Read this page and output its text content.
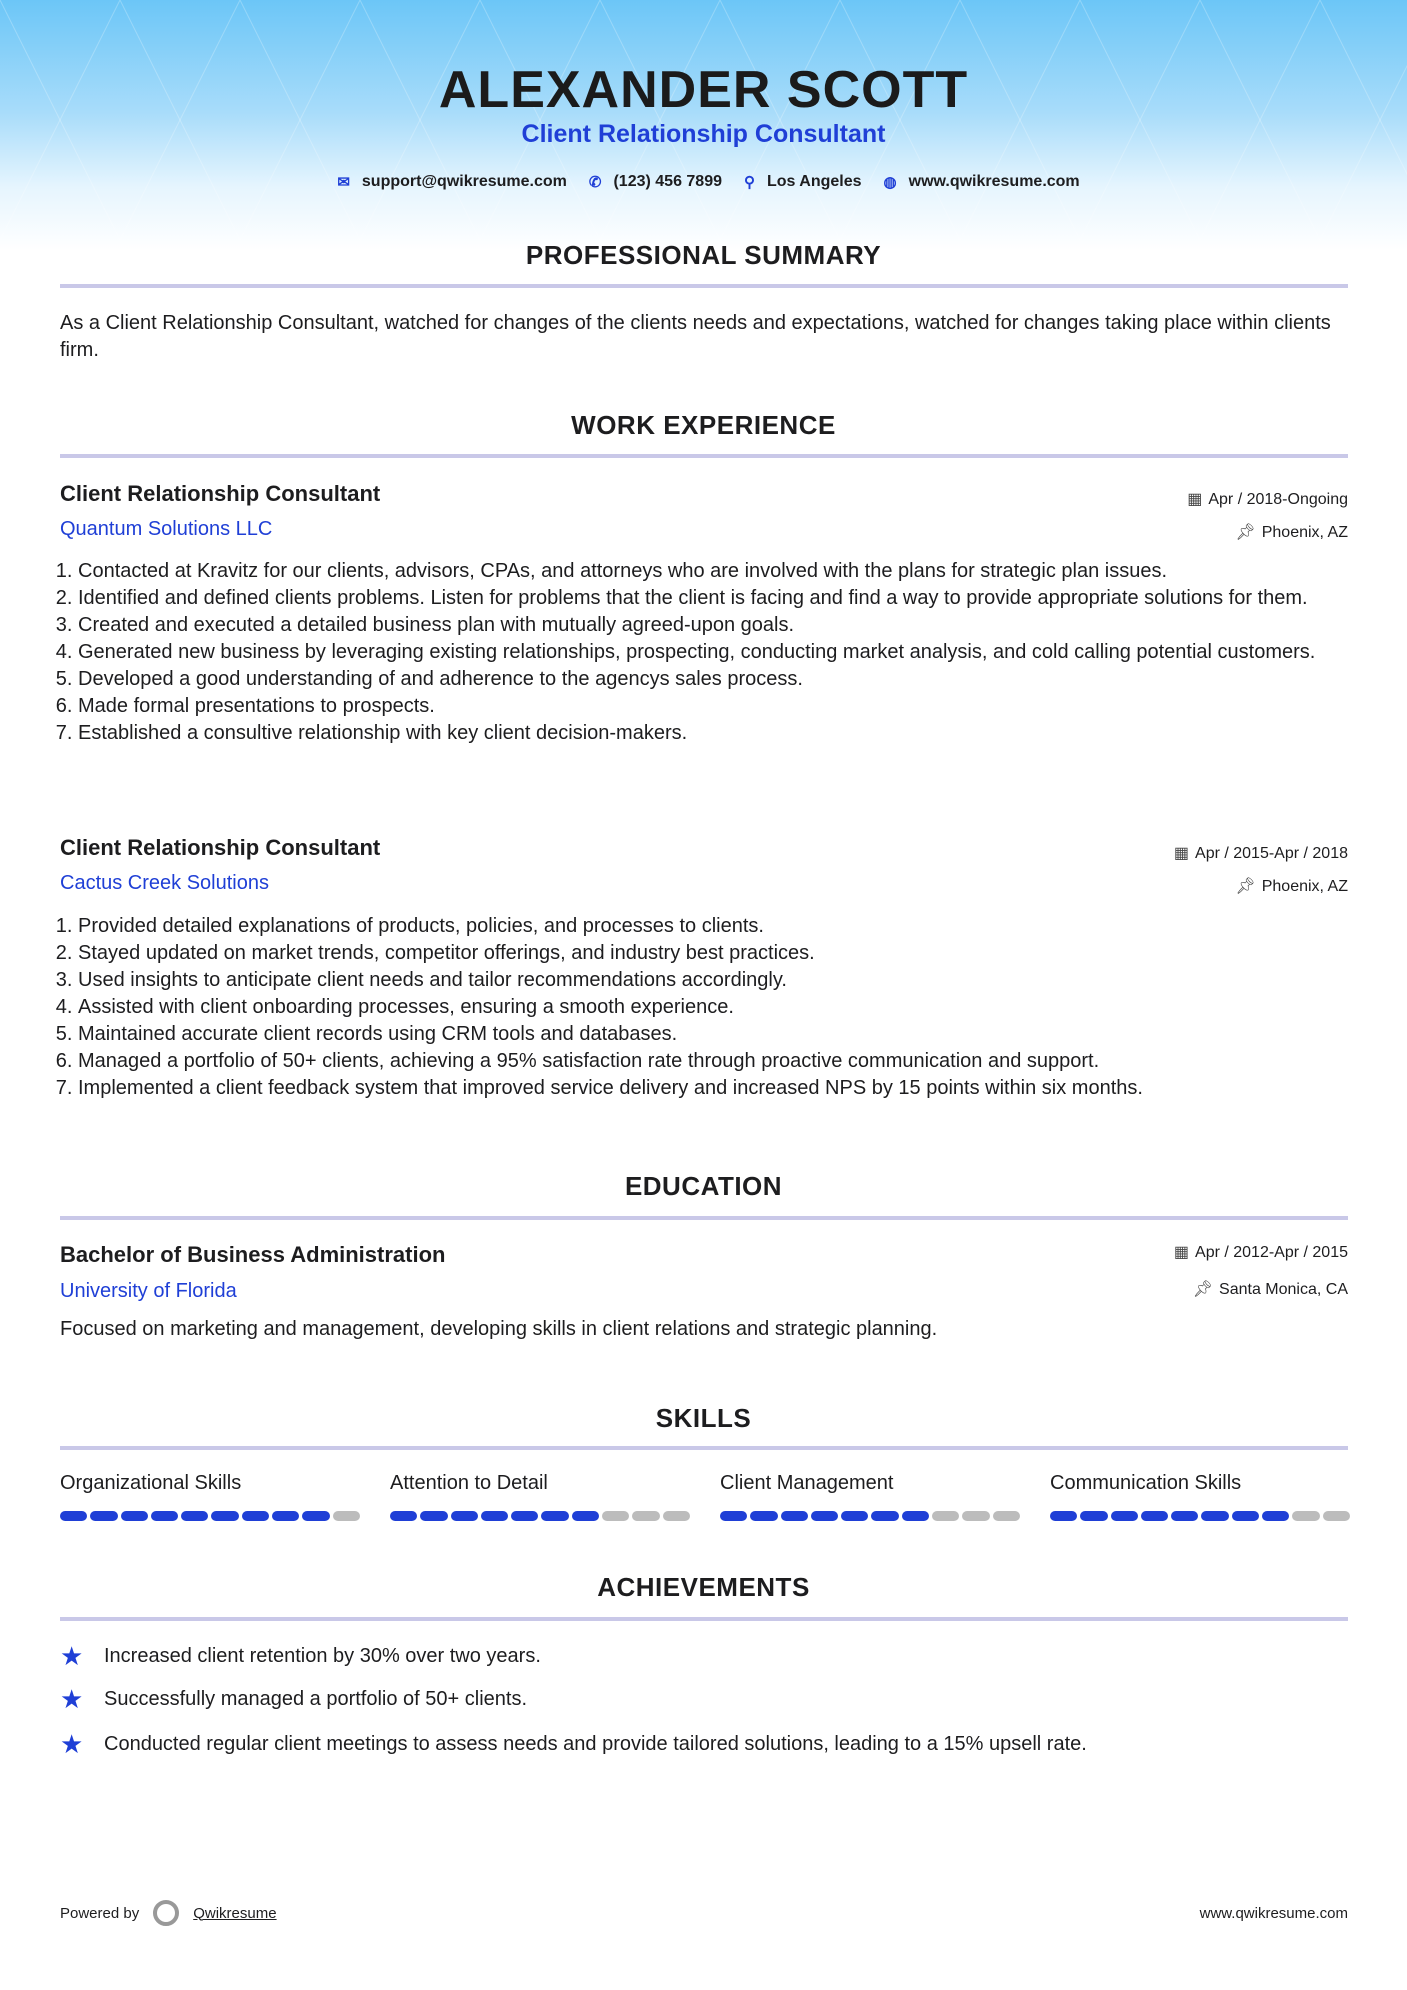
ALEXANDER SCOTT
Client Relationship Consultant
✉ support@qwikresume.com ✆ (123) 456 7899 ⚲ Los Angeles ◍ www.qwikresume.com
PROFESSIONAL SUMMARY
As a Client Relationship Consultant, watched for changes of the clients needs and expectations, watched for changes taking place within clients firm.
WORK EXPERIENCE
Client Relationship Consultant
Quantum Solutions LLC
▦ Apr / 2018-Ongoing
📌︎ Phoenix, AZ
1. Contacted at Kravitz for our clients, advisors, CPAs, and attorneys who are involved with the plans for strategic plan issues.
2. Identified and defined clients problems. Listen for problems that the client is facing and find a way to provide appropriate solutions for them.
3. Created and executed a detailed business plan with mutually agreed-upon goals.
4. Generated new business by leveraging existing relationships, prospecting, conducting market analysis, and cold calling potential customers.
5. Developed a good understanding of and adherence to the agencys sales process.
6. Made formal presentations to prospects.
7. Established a consultive relationship with key client decision-makers.
Client Relationship Consultant
Cactus Creek Solutions
▦ Apr / 2015-Apr / 2018
📌︎ Phoenix, AZ
1. Provided detailed explanations of products, policies, and processes to clients.
2. Stayed updated on market trends, competitor offerings, and industry best practices.
3. Used insights to anticipate client needs and tailor recommendations accordingly.
4. Assisted with client onboarding processes, ensuring a smooth experience.
5. Maintained accurate client records using CRM tools and databases.
6. Managed a portfolio of 50+ clients, achieving a 95% satisfaction rate through proactive communication and support.
7. Implemented a client feedback system that improved service delivery and increased NPS by 15 points within six months.
EDUCATION
Bachelor of Business Administration
University of Florida
▦ Apr / 2012-Apr / 2015
📌︎ Santa Monica, CA
Focused on marketing and management, developing skills in client relations and strategic planning.
SKILLS
Organizational Skills	Attention to Detail	Client Management	Communication Skills
ACHIEVEMENTS
★	Increased client retention by 30% over two years.
★	Successfully managed a portfolio of 50+ clients.
★	Conducted regular client meetings to assess needs and provide tailored solutions, leading to a 15% upsell rate.
Powered by	Qwikresume	www.qwikresume.com
